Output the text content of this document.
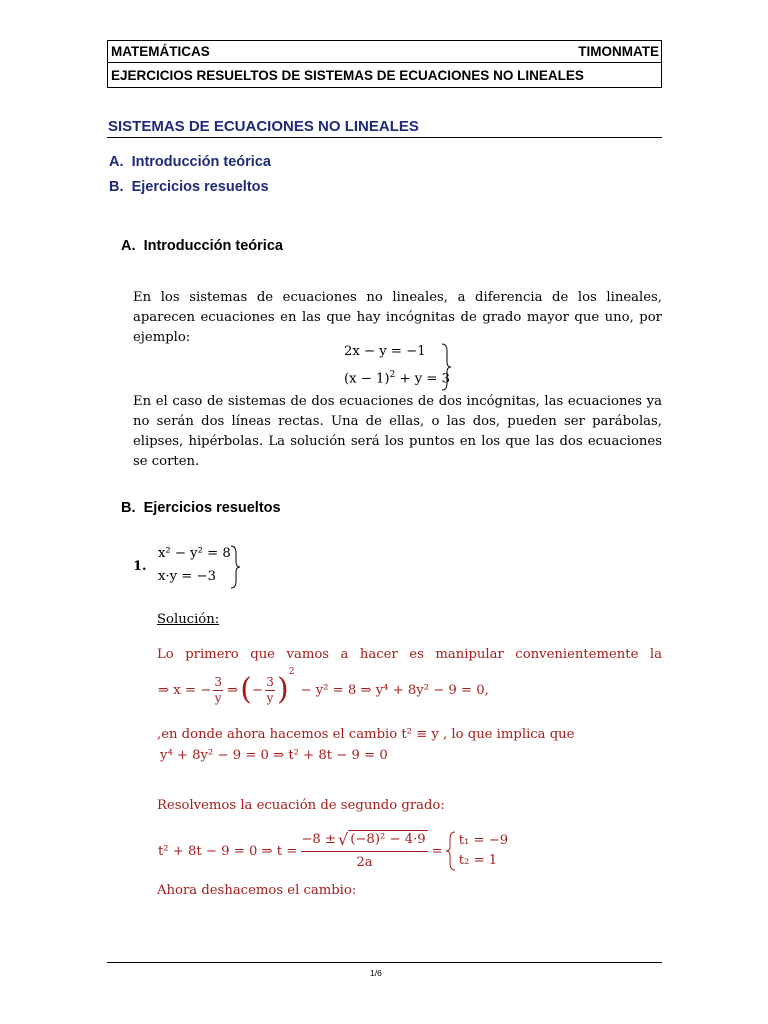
MATEMÁTICAS	TIMONMATE
EJERCICIOS RESUELTOS DE SISTEMAS DE ECUACIONES NO LINEALES
SISTEMAS DE ECUACIONES NO LINEALES
A. Introducción teórica
B. Ejercicios resueltos
A. Introducción teórica
En los sistemas de ecuaciones no lineales, a diferencia de los lineales,
aparecen ecuaciones en las que hay incógnitas de grado mayor que uno, por
ejemplo:
2x − y = −1
$(x - 1)^2 + y = 3$
En el caso de sistemas de dos ecuaciones de dos incógnitas, las ecuaciones ya
no serán dos líneas rectas. Una de ellas, o las dos, pueden ser parábolas,
elipses, hipérbolas. La solución será los puntos en los que las dos ecuaciones
se corten.
B. Ejercicios resueltos
1.
x² − y² = 8
x·y = −3
Solución:
Lo primero que vamos a hacer es manipular convenientemente la
⇒ x = −
3
y ⇒ ( −
3
y )$^2$
− y² = 8 ⇒ y⁴ + 8y² − 9 = 0,
,en donde ahora hacemos el cambio t² ≡ y , lo que implica que
y⁴ + 8y² − 9 = 0 ⇒ t² + 8t − 9 = 0
Resolvemos la ecuación de segundo grado:
t² + 8t − 9 = 0 ⇒ t =
−8 ± √ (−8)² − 4·9
2a
=
t₁ = −9
t₂ = 1
Ahora deshacemos el cambio:
1/6
